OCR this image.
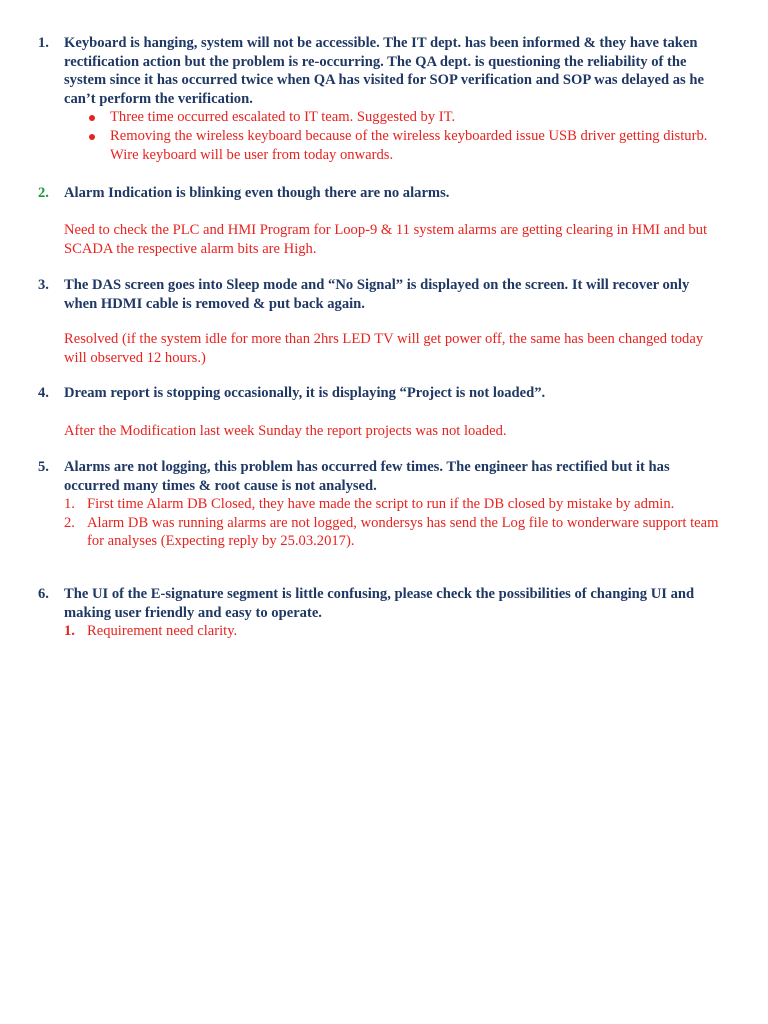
1. Keyboard is hanging, system will not be accessible. The IT dept. has been informed & they have taken rectification action but the problem is re-occurring. The QA dept. is questioning the reliability of the system since it has occurred twice when QA has visited for SOP verification and SOP was delayed as he can’t perform the verification.
Three time occurred escalated to IT team. Suggested by IT.
Removing the wireless keyboard because of the wireless keyboarded issue USB driver getting disturb. Wire keyboard will be user from today onwards.
2. Alarm Indication is blinking even though there are no alarms.
Need to check the PLC and HMI Program for Loop-9 & 11 system alarms are getting clearing in HMI and but SCADA the respective alarm bits are High.
3. The DAS screen goes into Sleep mode and “No Signal” is displayed on the screen. It will recover only when HDMI cable is removed & put back again.
Resolved (if the system idle for more than 2hrs LED TV will get power off, the same has been changed today will observed 12 hours.)
4. Dream report is stopping occasionally, it is displaying “Project is not loaded”.
After the Modification last week Sunday the report projects was not loaded.
5. Alarms are not logging, this problem has occurred few times. The engineer has rectified but it has occurred many times & root cause is not analysed.
1. First time Alarm DB Closed, they have made the script to run if the DB closed by mistake by admin.
2. Alarm DB was running alarms are not logged, wondersys has send the Log file to wonderware support team for analyses (Expecting reply by 25.03.2017).
6. The UI of the E-signature segment is little confusing, please check the possibilities of changing UI and making user friendly and easy to operate.
1. Requirement need clarity.
